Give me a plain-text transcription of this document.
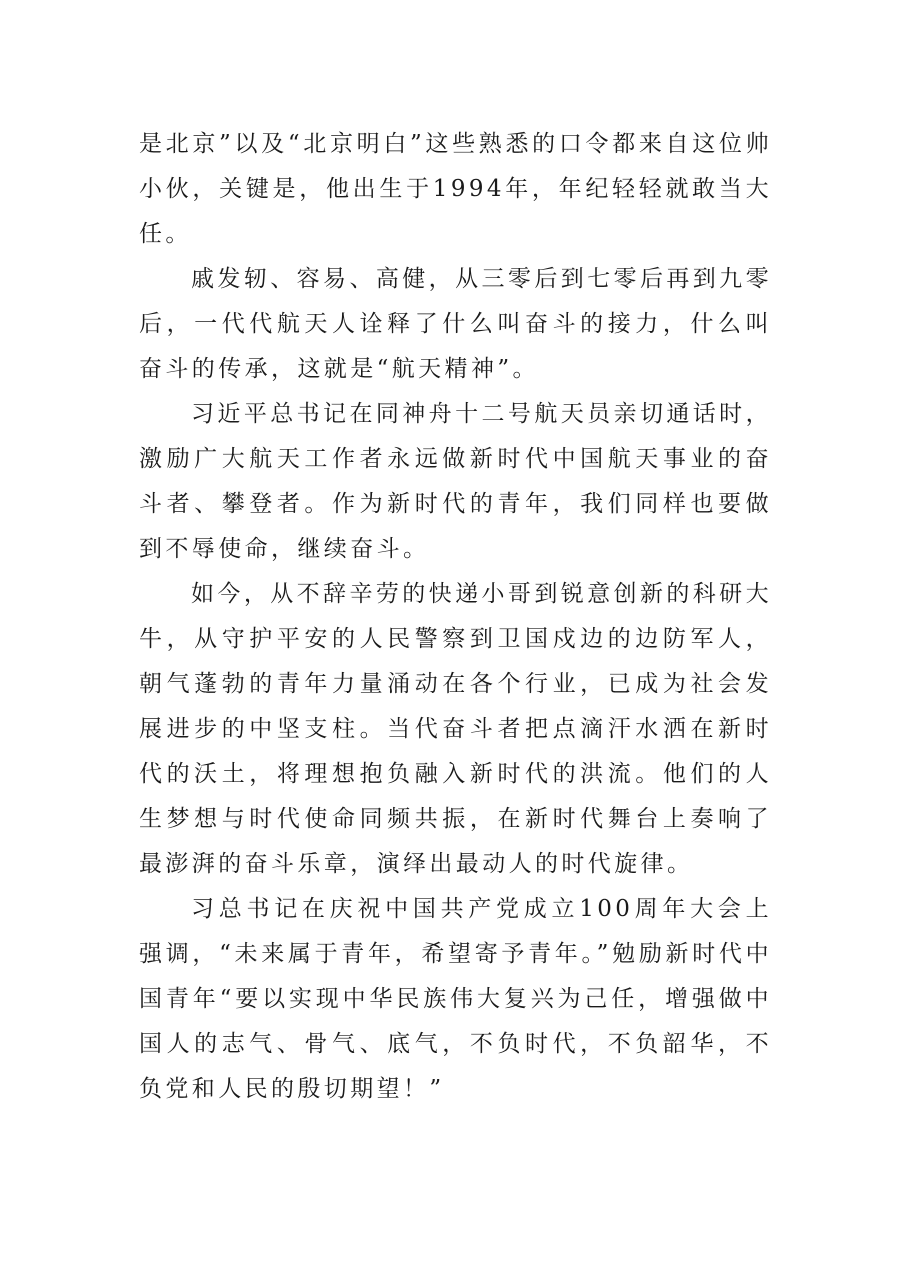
是北京”以及“北京明白”这些熟悉的口令都来自这位帅小伙，关键是，他出生于1994年，年纪轻轻就敢当大任。

戚发轫、容易、高健，从三零后到七零后再到九零后，一代代航天人诠释了什么叫奋斗的接力，什么叫奋斗的传承，这就是“航天精神”。

习近平总书记在同神舟十二号航天员亲切通话时，激励广大航天工作者永远做新时代中国航天事业的奋斗者、攀登者。作为新时代的青年，我们同样也要做到不辱使命，继续奋斗。

如今，从不辞辛劳的快递小哥到锐意创新的科研大牛，从守护平安的人民警察到卫国戍边的边防军人，朝气蓬勃的青年力量涌动在各个行业，已成为社会发展进步的中坚支柱。当代奋斗者把点滴汗水洒在新时代的沃土，将理想抱负融入新时代的洪流。他们的人生梦想与时代使命同频共振，在新时代舞台上奏响了最澎湃的奋斗乐章，演绎出最动人的时代旋律。

习总书记在庆祝中国共产党成立100周年大会上强调，“未来属于青年，希望寄予青年。”勉励新时代中国青年“要以实现中华民族伟大复兴为己任，增强做中国人的志气、骨气、底气，不负时代，不负韶华，不负党和人民的殷切期望！”
